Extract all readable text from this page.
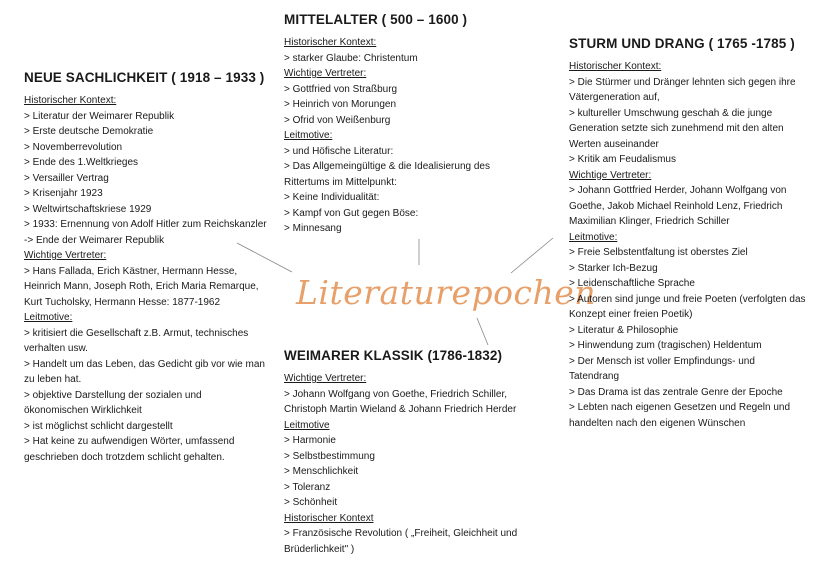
Literaturepochen
MITTELALTER ( 500 – 1600 )
Historischer Kontext:
> starker Glaube: Christentum
Wichtige Vertreter:
> Gottfried von Straßburg
> Heinrich von Morungen
> Ofrid von Weißenburg
Leitmotive:
> und Höfische Literatur:
> Das Allgemeingültige & die Idealisierung des Rittertums im Mittelpunkt:
> Keine Individualität:
> Kampf von Gut gegen Böse:
> Minnesang
NEUE SACHLICHKEIT ( 1918 – 1933 )
Historischer Kontext:
> Literatur der Weimarer Republik
> Erste deutsche Demokratie
> Novemberrevolution
> Ende des 1.Weltkrieges
> Versailler Vertrag
> Krisenjahr 1923
> Weltwirtschaftskriese 1929
> 1933: Ernennung von Adolf Hitler zum Reichskanzler -> Ende der Weimarer Republik
Wichtige Vertreter:
> Hans Fallada, Erich Kästner, Hermann Hesse, Heinrich Mann, Joseph Roth, Erich Maria Remarque, Kurt Tucholsky, Hermann Hesse: 1877-1962
Leitmotive:
> kritisiert die Gesellschaft z.B. Armut, technisches verhalten usw.
> Handelt um das Leben, das Gedicht gib vor wie man zu leben hat.
> objektive Darstellung der sozialen und ökonomischen Wirklichkeit
> ist möglichst schlicht dargestellt
> Hat keine zu aufwendigen Wörter, umfassend geschrieben doch trotzdem schlicht gehalten.
STURM UND DRANG ( 1765 -1785 )
Historischer Kontext:
> Die Stürmer und Dränger lehnten sich gegen ihre Vätergeneration auf,
> kultureller Umschwung geschah & die junge Generation setzte sich zunehmend mit den alten Werten auseinander
> Kritik am Feudalismus
Wichtige Vertreter:
> Johann Gottfried Herder, Johann Wolfgang von Goethe, Jakob Michael Reinhold Lenz, Friedrich Maximilian Klinger, Friedrich Schiller
Leitmotive:
> Freie Selbstentfaltung ist oberstes Ziel
> Starker Ich-Bezug
> Leidenschaftliche Sprache
> Autoren sind junge und freie Poeten (verfolgten das Konzept einer freien Poetik)
> Literatur & Philosophie
> Hinwendung zum (tragischen) Heldentum
> Der Mensch ist voller Empfindungs- und Tatendrang
> Das Drama ist das zentrale Genre der Epoche
> Lebten nach eigenen Gesetzen und Regeln und handelten nach den eigenen Wünschen
WEIMARER KLASSIK (1786-1832)
Wichtige Vertreter:
> Johann Wolfgang von Goethe, Friedrich Schiller, Christoph Martin Wieland & Johann Friedrich Herder
Leitmotive
> Harmonie
> Selbstbestimmung
> Menschlichkeit
> Toleranz
> Schönheit
Historischer Kontext
> Französische Revolution ( „Freiheit, Gleichheit und Brüderlichkeit" )
